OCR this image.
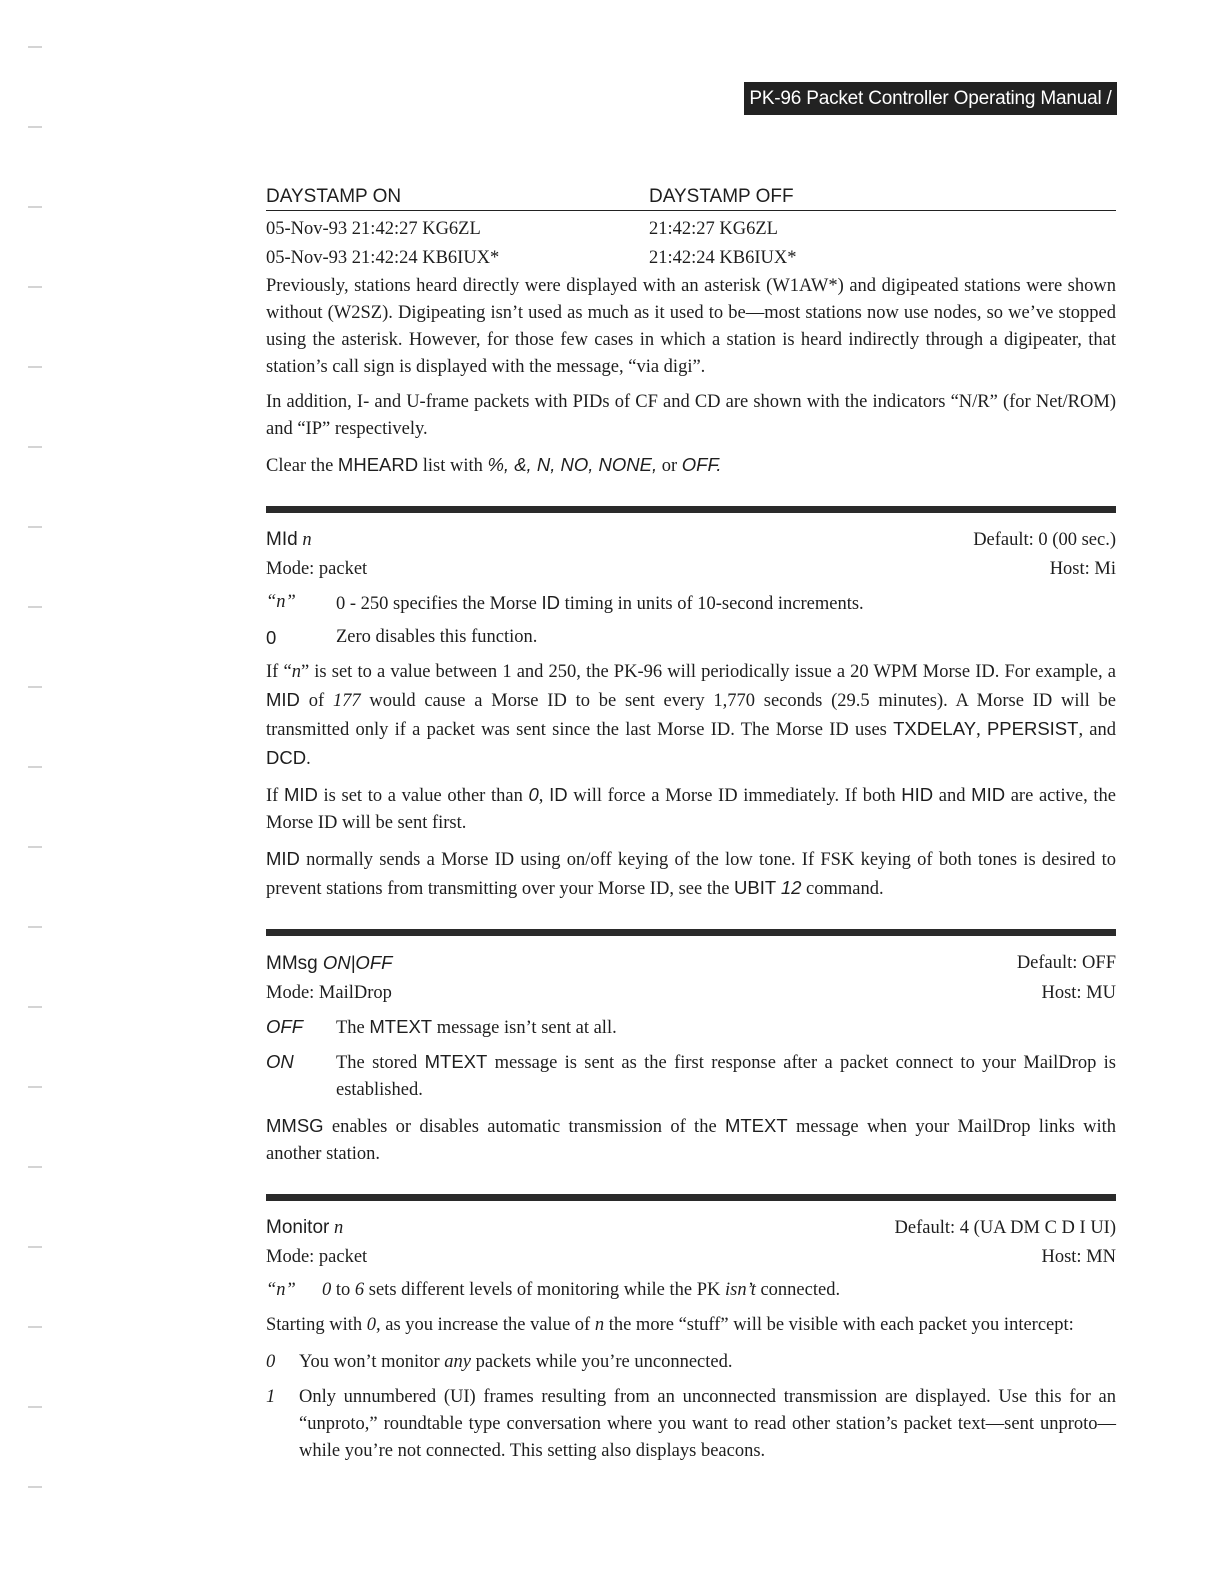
PK-96 Packet Controller Operating Manual / 61
DAYSTAMP ON	DAYSTAMP OFF
05-Nov-93 21:42:27 KG6ZL	21:42:27 KG6ZL
05-Nov-93 21:42:24 KB6IUX*	21:42:24 KB6IUX*

Previously, stations heard directly were displayed with an asterisk (W1AW*) and digipeated stations were shown without (W2SZ). Digipeating isn’t used as much as it used to be—most stations now use nodes, so we’ve stopped using the asterisk. However, for those few cases in which a station is heard indirectly through a digipeater, that station’s call sign is displayed with the message, “via digi”.

In addition, I- and U-frame packets with PIDs of CF and CD are shown with the indicators “N/R” (for Net/ROM) and “IP” respectively.

Clear the MHEARD list with %, &, N, NO, NONE, or OFF.

MId n	Default: 0 (00 sec.)
Mode: packet	Host: Mi
“n”	0 - 250 specifies the Morse ID timing in units of 10-second increments.
0	Zero disables this function.

If “n” is set to a value between 1 and 250, the PK-96 will periodically issue a 20 WPM Morse ID. For example, a MID of 177 would cause a Morse ID to be sent every 1,770 seconds (29.5 minutes). A Morse ID will be transmitted only if a packet was sent since the last Morse ID. The Morse ID uses TXDELAY, PPERSIST, and DCD.

If MID is set to a value other than 0, ID will force a Morse ID immediately. If both HID and MID are active, the Morse ID will be sent first.

MID normally sends a Morse ID using on/off keying of the low tone. If FSK keying of both tones is desired to prevent stations from transmitting over your Morse ID, see the UBIT 12 command.

MMsg ON|OFF	Default: OFF
Mode: MailDrop	Host: MU
OFF	The MTEXT message isn’t sent at all.
ON	The stored MTEXT message is sent as the first response after a packet connect to your MailDrop is established.

MMSG enables or disables automatic transmission of the MTEXT message when your MailDrop links with another station.

Monitor n	Default: 4 (UA DM C D I UI)
Mode: packet	Host: MN
“n”	0 to 6 sets different levels of monitoring while the PK isn’t connected.

Starting with 0, as you increase the value of n the more “stuff” will be visible with each packet you intercept:

0	You won’t monitor any packets while you’re unconnected.
1	Only unnumbered (UI) frames resulting from an unconnected transmission are displayed. Use this for an “unproto,” roundtable type conversation where you want to read other station’s packet text—sent unproto—while you’re not connected. This setting also displays beacons.
